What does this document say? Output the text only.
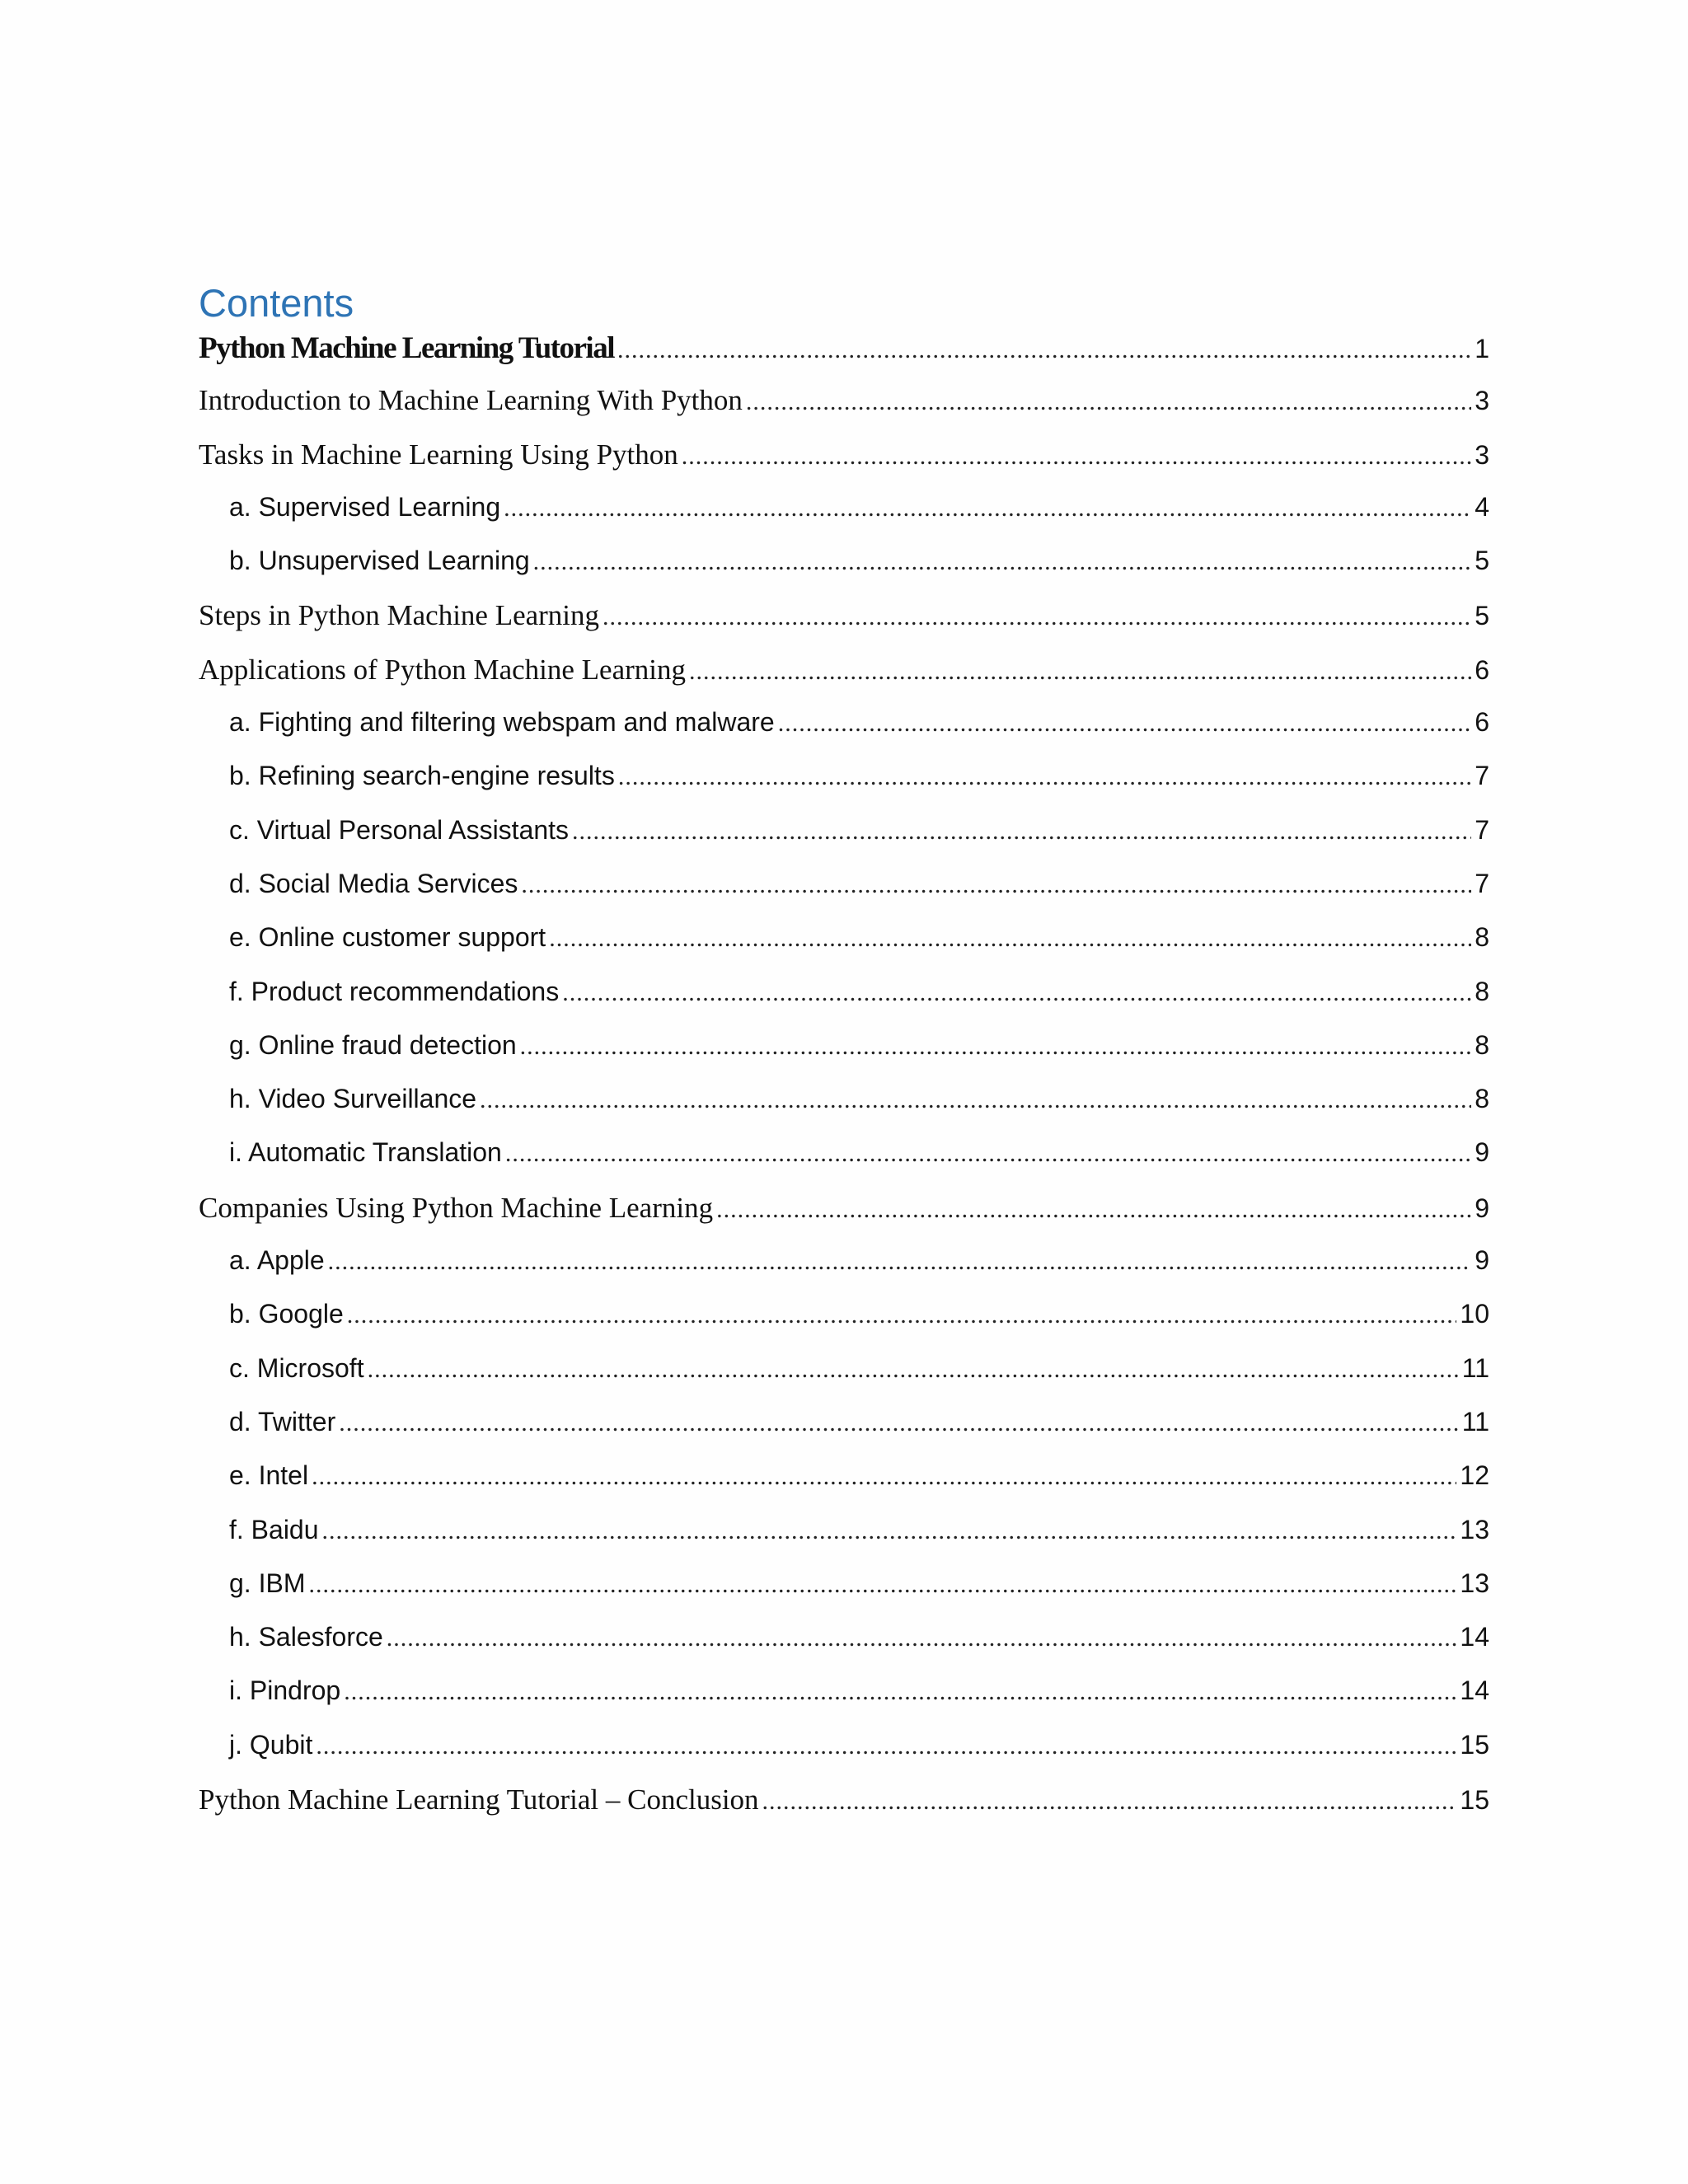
Contents
Python Machine Learning Tutorial .....	1
Introduction to Machine Learning With Python .....	3
Tasks in Machine Learning Using Python .....	3
a. Supervised Learning .....	4
b. Unsupervised Learning .....	5
Steps in Python Machine Learning .....	5
Applications of Python Machine Learning .....	6
a. Fighting and filtering webspam and malware .....	6
b. Refining search-engine results .....	7
c. Virtual Personal Assistants .....	7
d. Social Media Services .....	7
e. Online customer support .....	8
f. Product recommendations .....	8
g. Online fraud detection .....	8
h. Video Surveillance .....	8
i. Automatic Translation .....	9
Companies Using Python Machine Learning .....	9
a. Apple .....	9
b. Google .....	10
c. Microsoft .....	11
d. Twitter .....	11
e. Intel .....	12
f. Baidu .....	13
g. IBM .....	13
h. Salesforce .....	14
i. Pindrop .....	14
j. Qubit .....	15
Python Machine Learning Tutorial – Conclusion .....	15
